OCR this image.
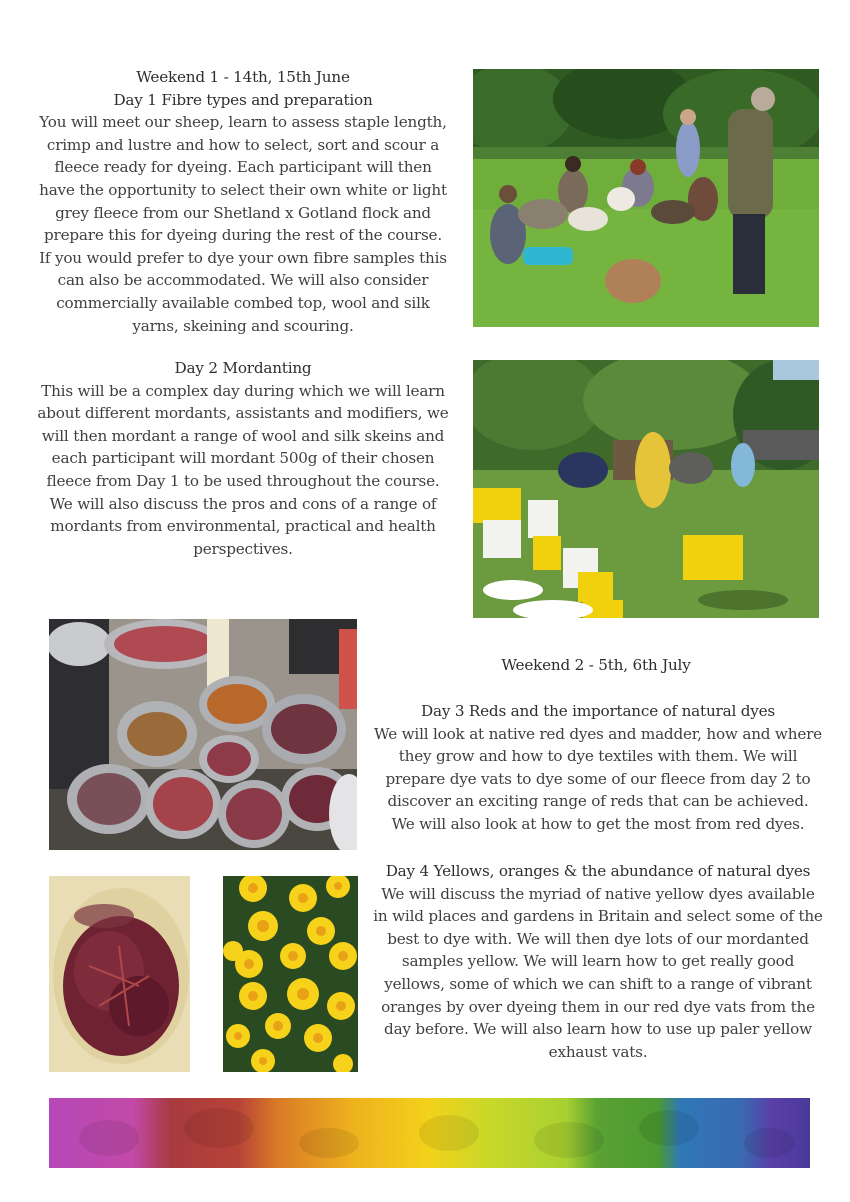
Weekend 1 - 14th, 15th June
Day 1 Fibre types and preparation
You will meet our sheep, learn to assess staple length, crimp and lustre and how to select, sort and scour a fleece ready for dyeing. Each participant will then have the opportunity to select their own white or light grey fleece from our Shetland x Gotland flock and prepare this for dyeing during the rest of the course. If you would prefer to dye your own fibre samples this can also be accommodated. We will also consider commercially available combed top, wool and silk yarns, skeining and scouring.
Day 2 Mordanting
This will be a complex day during which we will learn about different mordants, assistants and modifiers, we will then mordant a range of wool and silk skeins and each participant will mordant 500g of their chosen fleece from Day 1 to be used throughout the course. We will also discuss the pros and cons of a range of mordants from environmental, practical and health perspectives.
Weekend 2 - 5th, 6th July
Day 3 Reds and the importance of natural dyes
We will look at native red dyes and madder, how and where they grow and how to dye textiles with them. We will prepare dye vats to dye some of our fleece from day 2 to discover an exciting range of reds that can be achieved. We will also look at how to get the most from red dyes.
Day 4 Yellows, oranges & the abundance of natural dyes
We will discuss the myriad of native yellow dyes available in wild places and gardens in Britain and select some of the best to dye with. We will then dye lots of our mordanted samples yellow. We will learn how to get really good yellows, some of which we can shift to a range of vibrant oranges by over dyeing them in our red dye vats from the day before. We will also learn how to use up paler yellow exhaust vats.
